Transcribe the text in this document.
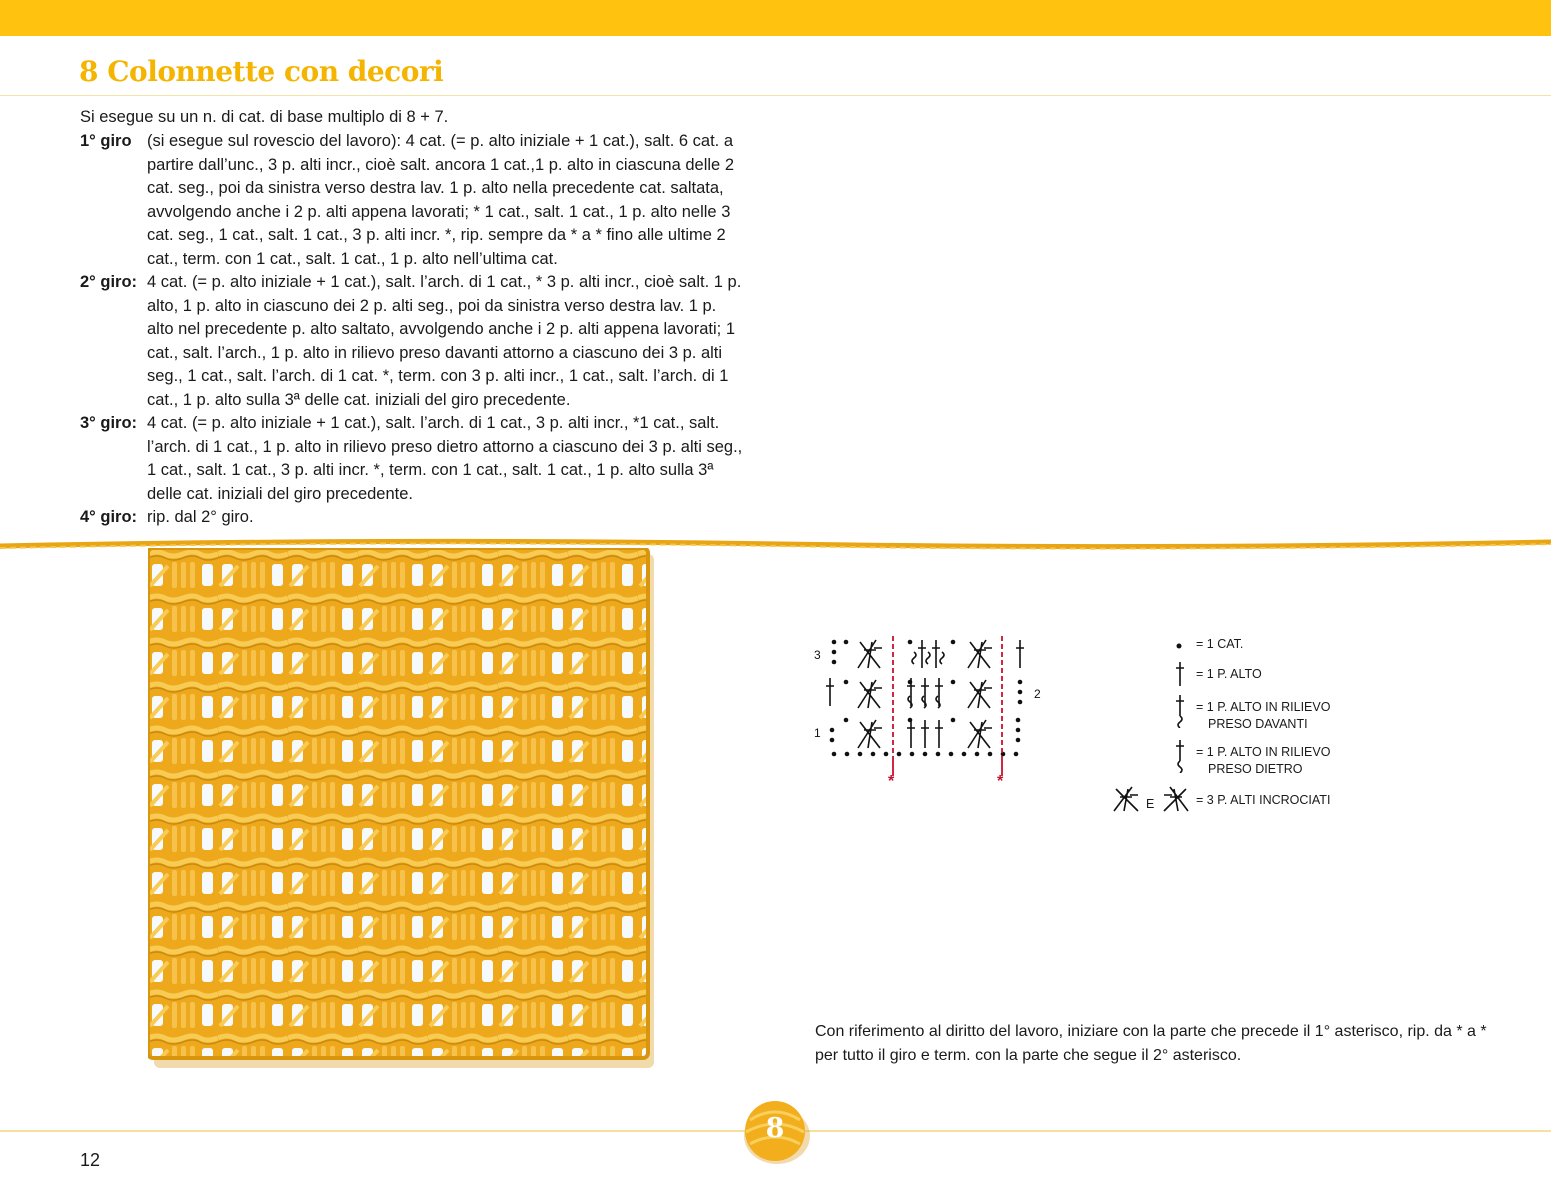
8 Colonnette con decori

Si esegue su un n. di cat. di base multiplo di 8 + 7.

1° giro (si esegue sul rovescio del lavoro): 4 cat. (= p. alto iniziale + 1 cat.), salt. 6 cat. a partire dall’unc., 3 p. alti incr., cioè salt. ancora 1 cat.,1 p. alto in ciascuna delle 2 cat. seg., poi da sinistra verso destra lav. 1 p. alto nella precedente cat. saltata, avvolgendo anche i 2 p. alti appena lavorati; * 1 cat., salt. 1 cat., 1 p. alto nelle 3 cat. seg., 1 cat., salt. 1 cat., 3 p. alti incr. *, rip. sempre da * a * fino alle ultime 2 cat., term. con 1 cat., salt. 1 cat., 1 p. alto nell’ultima cat.
2° giro: 4 cat. (= p. alto iniziale + 1 cat.), salt. l’arch. di 1 cat., * 3 p. alti incr., cioè salt. 1 p. alto, 1 p. alto in ciascuno dei 2 p. alti seg., poi da sinistra verso destra lav. 1 p. alto nel precedente p. alto saltato, avvolgendo anche i 2 p. alti appena lavorati; 1 cat., salt. l’arch., 1 p. alto in rilievo preso davanti attorno a ciascuno dei 3 p. alti seg., 1 cat., salt. l’arch. di 1 cat. *, term. con 3 p. alti incr., 1 cat., salt. l’arch. di 1 cat., 1 p. alto sulla 3ª delle cat. iniziali del giro precedente.
3° giro: 4 cat. (= p. alto iniziale + 1 cat.), salt. l’arch. di 1 cat., 3 p. alti incr., *1 cat., salt. l’arch. di 1 cat., 1 p. alto in rilievo preso dietro attorno a ciascuno dei 3 p. alti seg., 1 cat., salt. 1 cat., 3 p. alti incr. *, term. con 1 cat., salt. 1 cat., 1 p. alto sulla 3ª delle cat. iniziali del giro precedente.
4° giro: rip. dal 2° giro.
*	*
3
2
1
= 1 CAT.
= 1 P. ALTO
= 1 P. ALTO IN RILIEVO
PRESO DAVANTI
= 1 P. ALTO IN RILIEVO
PRESO DIETRO
E	= 3 P. ALTI INCROCIATI

Con riferimento al diritto del lavoro, iniziare con la parte che precede il 1° asterisco, rip. da * a * per tutto il giro e term. con la parte che segue il 2° asterisco.

8
12
